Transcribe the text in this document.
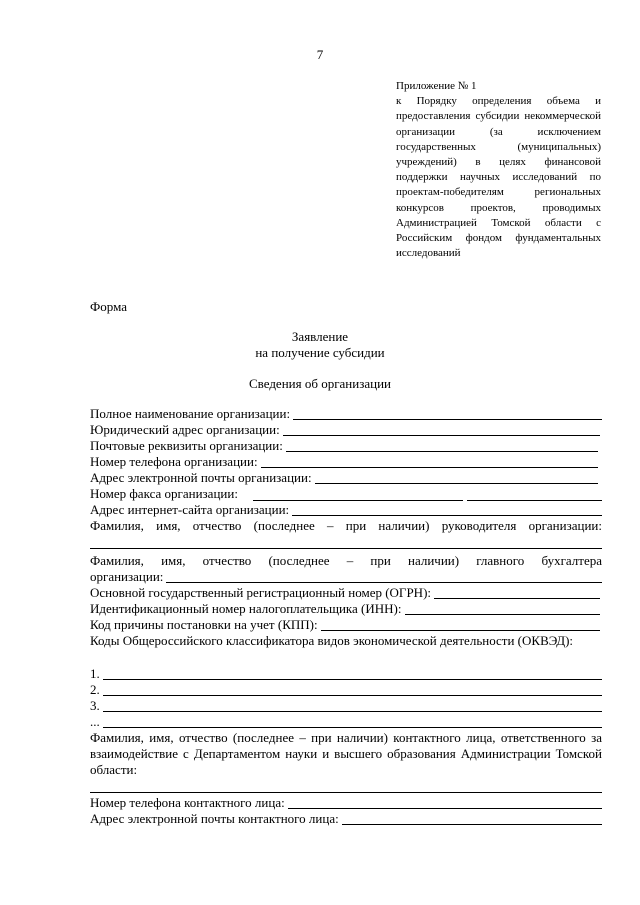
7
Приложение № 1
к Порядку определения объема и предоставления субсидии некоммерческой организации (за исключением государственных (муниципальных) учреждений) в целях финансовой поддержки научных исследований по проектам-победителям региональных конкурсов проектов, проводимых Администрацией Томской области с Российским фондом фундаментальных исследований
Форма
Заявление
на получение субсидии
Сведения об организации
Полное наименование организации:
Юридический адрес организации:
Почтовые реквизиты организации:
Номер телефона организации:
Адрес электронной почты организации:
Номер факса организации:
Адрес интернет-сайта организации:
Фамилия, имя, отчество (последнее – при наличии) руководителя организации:
Фамилия, имя, отчество (последнее – при наличии) главного бухгалтера
организации:
Основной государственный регистрационный номер (ОГРН):
Идентификационный номер налогоплательщика (ИНН):
Код причины постановки на учет (КПП):
Коды Общероссийского классификатора видов экономической деятельности (ОКВЭД):
1.
2.
3.
...
Фамилия, имя, отчество (последнее – при наличии) контактного лица, ответственного за взаимодействие с Департаментом науки и высшего образования Администрации Томской области:
Номер телефона контактного лица:
Адрес электронной почты контактного лица:
